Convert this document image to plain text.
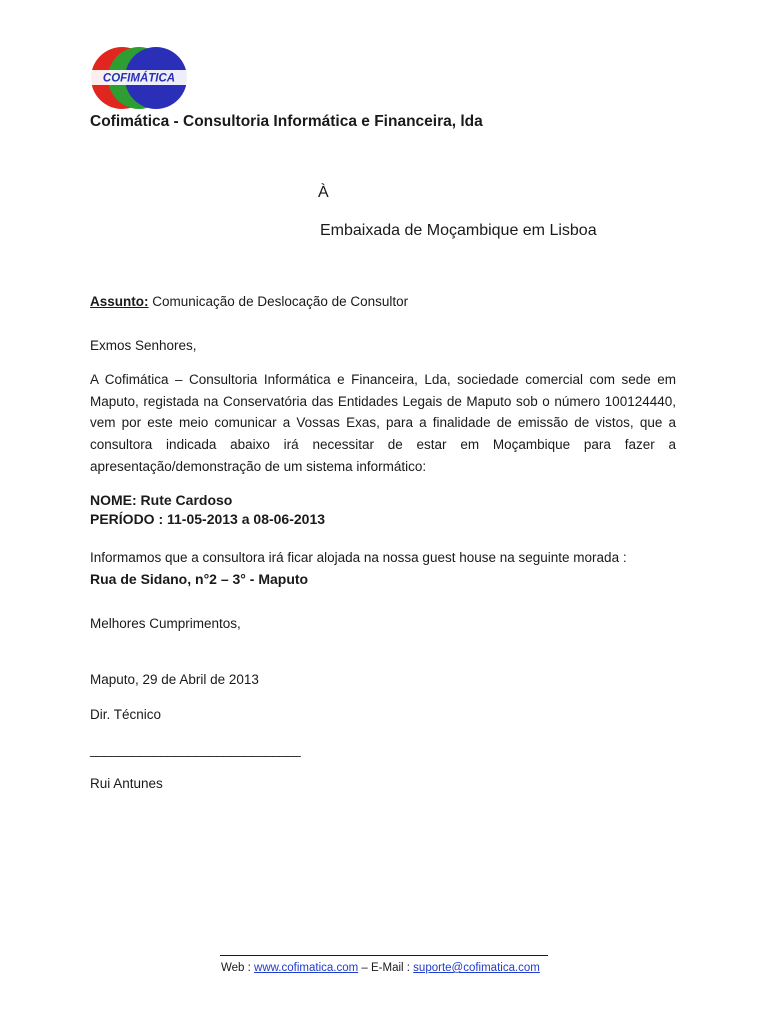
COFIMÁTICA
Cofimática - Consultoria Informática e Financeira, lda
À
Embaixada de Moçambique em Lisboa
Assunto: Comunicação de Deslocação de Consultor
Exmos Senhores,
A Cofimática – Consultoria Informática e Financeira, Lda, sociedade comercial com sede em Maputo, registada na Conservatória das Entidades Legais de Maputo sob o número 100124440, vem por este meio comunicar a Vossas Exas, para a finalidade de emissão de vistos, que a consultora indicada abaixo irá necessitar de estar em Moçambique para fazer a apresentação/demonstração de um sistema informático:
NOME: Rute Cardoso
PERÍODO : 11-05-2013 a 08-06-2013
Informamos que a consultora irá ficar alojada na nossa guest house na seguinte morada :
Rua de Sidano, n°2 – 3° - Maputo
Melhores Cumprimentos,
Maputo, 29 de Abril de 2013
Dir. Técnico
______________________________
Rui Antunes
Web : www.cofimatica.com – E-Mail : suporte@cofimatica.com
